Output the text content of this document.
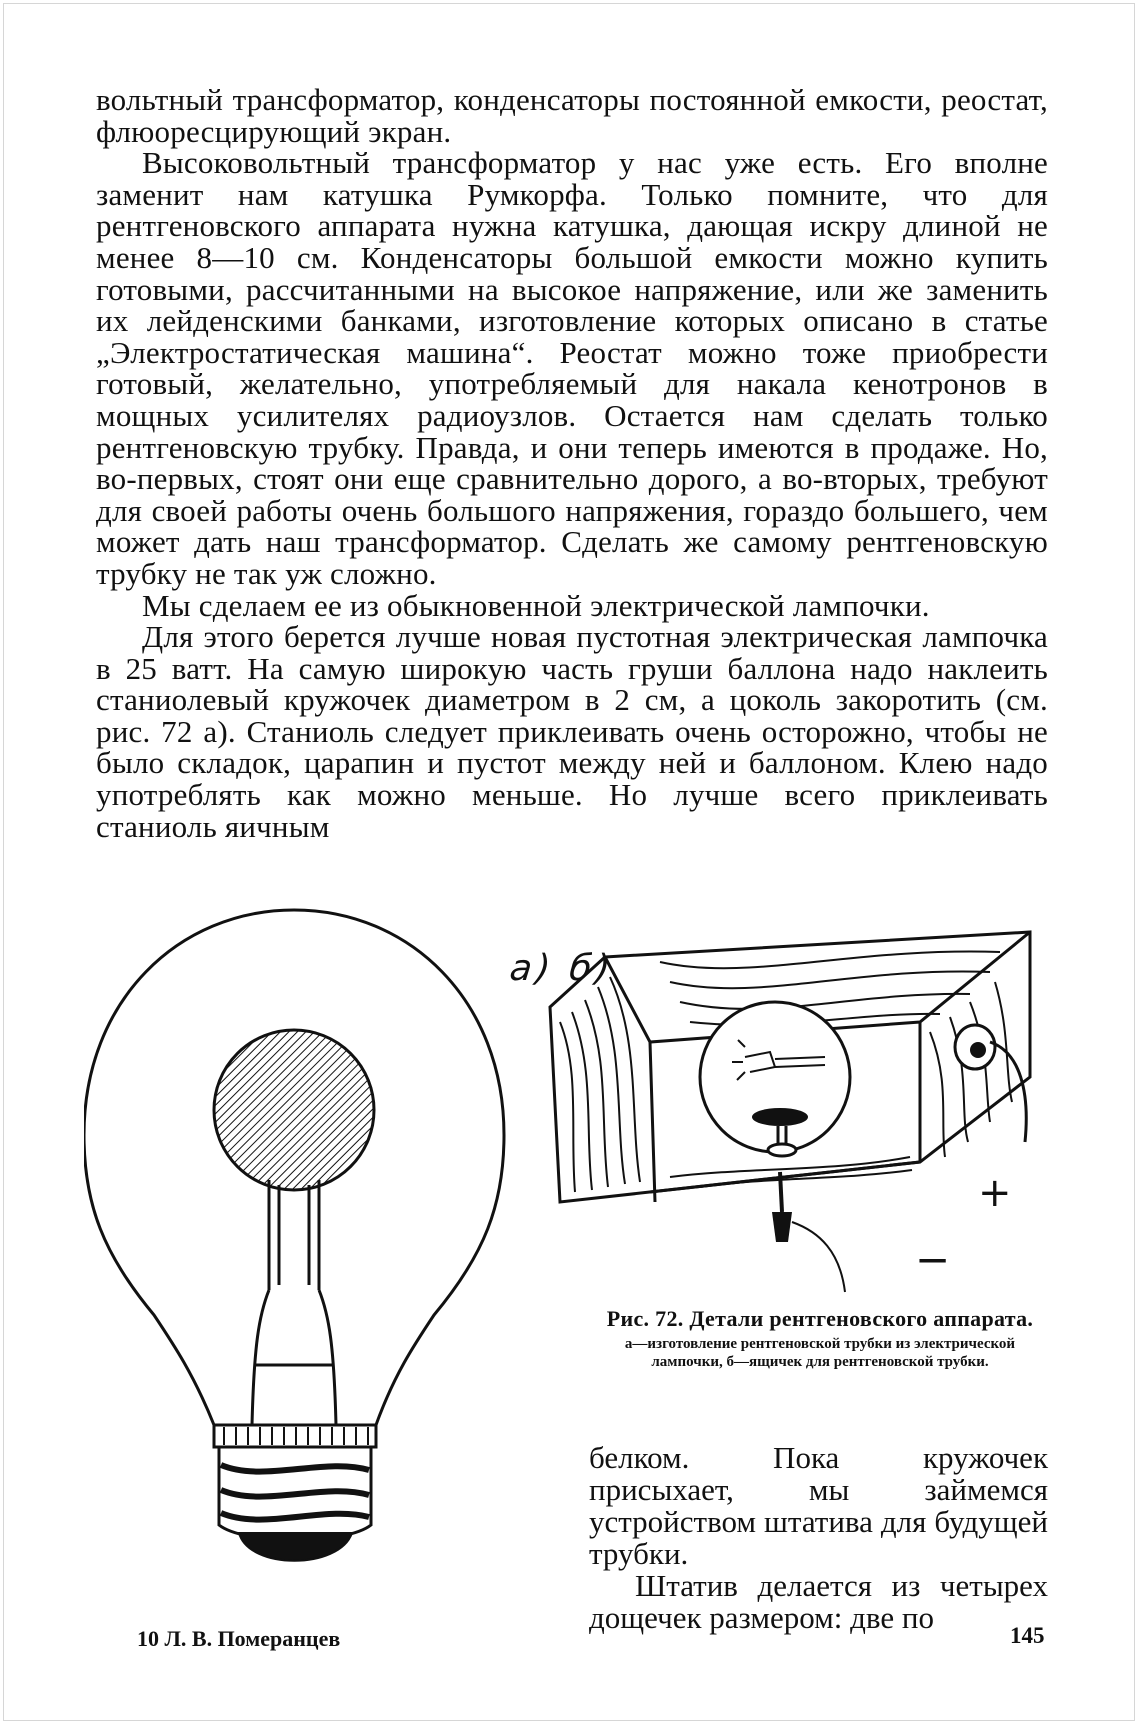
вольтный трансформатор, конденсаторы постоянной емкости, реостат, флюоресцирующий экран.

Высоковольтный трансформатор у нас уже есть. Его вполне заменит нам катушка Румкорфа. Только помните, что для рентгеновского аппарата нужна катушка, дающая искру длиной не менее 8—10 см. Конденсаторы большой емкости можно купить готовыми, рассчитанными на высокое напряжение, или же заменить их лейденскими банками, изготовление которых описано в статье „Электростатическая машина“. Реостат можно тоже приобрести готовый, желательно, употребляемый для накала кенотронов в мощных усилителях радиоузлов. Остается нам сделать только рентгеновскую трубку. Правда, и они теперь имеются в продаже. Но, во-первых, стоят они еще сравнительно дорого, а во-вторых, требуют для своей работы очень большого напряжения, гораздо большего, чем может дать наш трансформатор. Сделать же самому рентгеновскую трубку не так уж сложно.

Мы сделаем ее из обыкновенной электрической лампочки.

Для этого берется лучше новая пустотная электрическая лампочка в 25 ватт. На самую широкую часть груши баллона надо наклеить станиолевый кружочек диаметром в 2 см, а цоколь закоротить (см. рис. 72 а). Станиоль следует приклеивать очень осторожно, чтобы не было складок, царапин и пустот между ней и баллоном. Клею надо употреблять как можно меньше. Но лучше всего приклеивать станиоль яичным

а) б)
+
−
Рис. 72. Детали рентгеновского аппарата.
а—изготовление рентгеновской трубки из электрической лампочки, б—ящичек для рентгеновской трубки.

белком. Пока кружочек присыхает, мы займемся устройством штатива для будущей трубки.

Штатив делается из четырех дощечек размером: две по

10 Л. В. Померанцев	145
